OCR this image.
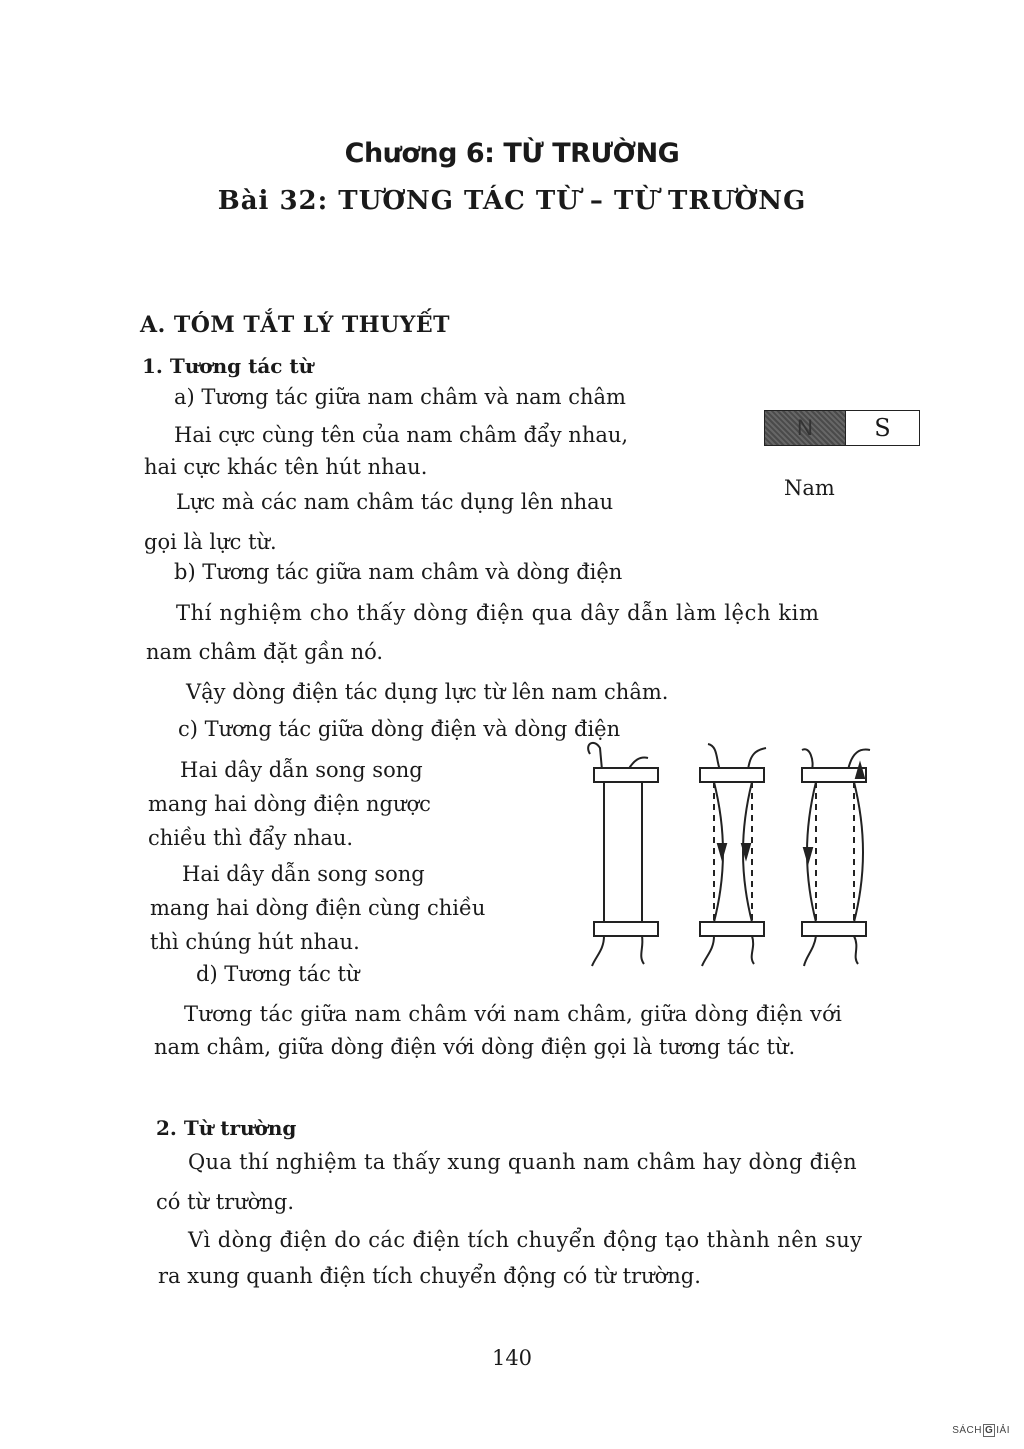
Chương 6: TỪ TRƯỜNG
Bài 32: TƯƠNG TÁC TỪ – TỪ TRƯỜNG
A. TÓM TẮT LÝ THUYẾT
1. Tương tác từ
a) Tương tác giữa nam châm và nam châm
Hai cực cùng tên của nam châm đẩy nhau,
hai cực khác tên hút nhau.
Lực mà các nam châm tác dụng lên nhau
gọi là lực từ.
N	S
Nam
b) Tương tác giữa nam châm và dòng điện
Thí nghiệm cho thấy dòng điện qua dây dẫn làm lệch kim
nam châm đặt gần nó.
Vậy dòng điện tác dụng lực từ lên nam châm.
c) Tương tác giữa dòng điện và dòng điện
Hai dây dẫn song song
mang hai dòng điện ngược
chiều thì đẩy nhau.
Hai dây dẫn song song
mang hai dòng điện cùng chiều
thì chúng hút nhau.
d) Tương tác từ
Tương tác giữa nam châm với nam châm, giữa dòng điện với
nam châm, giữa dòng điện với dòng điện gọi là tương tác từ.
2. Từ trường
Qua thí nghiệm ta thấy xung quanh nam châm hay dòng điện
có từ trường.
Vì dòng điện do các điện tích chuyển động tạo thành nên suy
ra xung quanh điện tích chuyển động có từ trường.
140
SÁCH G IẢI
